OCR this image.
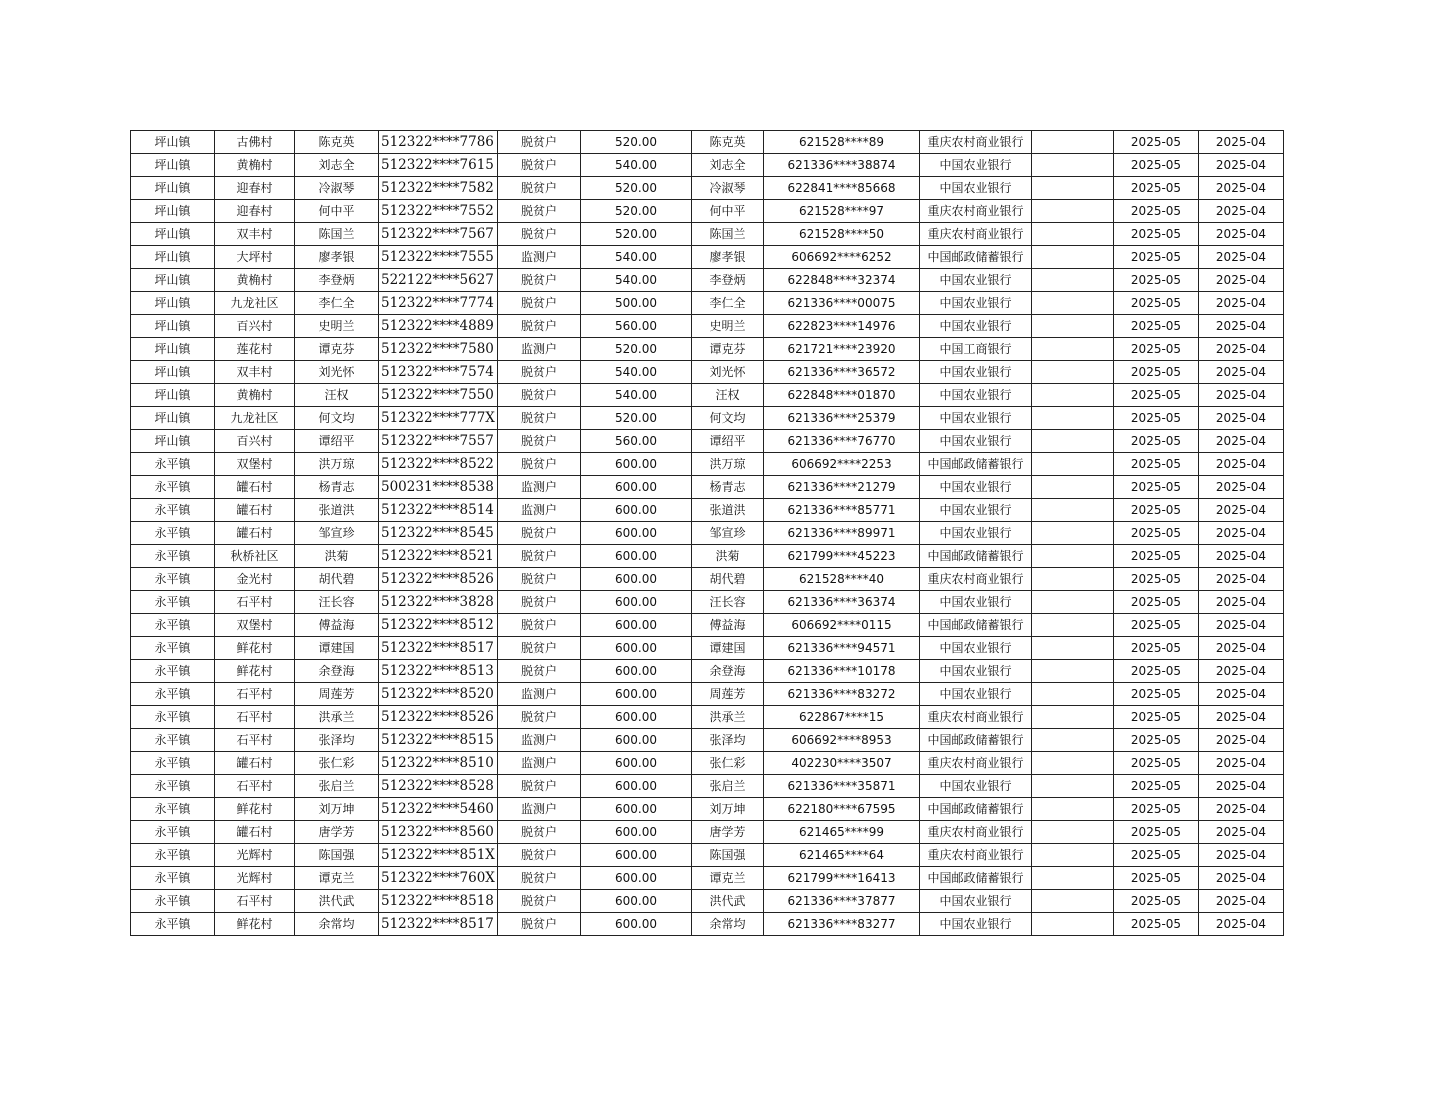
坪山镇	古佛村	陈克英	512322****7786	脱贫户	520.00	陈克英	621528****89	重庆农村商业银行		2025-05	2025-04
坪山镇	黄桷村	刘志全	512322****7615	脱贫户	540.00	刘志全	621336****38874	中国农业银行		2025-05	2025-04
坪山镇	迎春村	冷淑琴	512322****7582	脱贫户	520.00	冷淑琴	622841****85668	中国农业银行		2025-05	2025-04
坪山镇	迎春村	何中平	512322****7552	脱贫户	520.00	何中平	621528****97	重庆农村商业银行		2025-05	2025-04
坪山镇	双丰村	陈国兰	512322****7567	脱贫户	520.00	陈国兰	621528****50	重庆农村商业银行		2025-05	2025-04
坪山镇	大坪村	廖孝银	512322****7555	监测户	540.00	廖孝银	606692****6252	中国邮政储蓄银行		2025-05	2025-04
坪山镇	黄桷村	李登炳	522122****5627	脱贫户	540.00	李登炳	622848****32374	中国农业银行		2025-05	2025-04
坪山镇	九龙社区	李仁全	512322****7774	脱贫户	500.00	李仁全	621336****00075	中国农业银行		2025-05	2025-04
坪山镇	百兴村	史明兰	512322****4889	脱贫户	560.00	史明兰	622823****14976	中国农业银行		2025-05	2025-04
坪山镇	莲花村	谭克芬	512322****7580	监测户	520.00	谭克芬	621721****23920	中国工商银行		2025-05	2025-04
坪山镇	双丰村	刘光怀	512322****7574	脱贫户	540.00	刘光怀	621336****36572	中国农业银行		2025-05	2025-04
坪山镇	黄桷村	汪权	512322****7550	脱贫户	540.00	汪权	622848****01870	中国农业银行		2025-05	2025-04
坪山镇	九龙社区	何文均	512322****777X	脱贫户	520.00	何文均	621336****25379	中国农业银行		2025-05	2025-04
坪山镇	百兴村	谭绍平	512322****7557	脱贫户	560.00	谭绍平	621336****76770	中国农业银行		2025-05	2025-04
永平镇	双堡村	洪万琼	512322****8522	脱贫户	600.00	洪万琼	606692****2253	中国邮政储蓄银行		2025-05	2025-04
永平镇	罐石村	杨青志	500231****8538	监测户	600.00	杨青志	621336****21279	中国农业银行		2025-05	2025-04
永平镇	罐石村	张道洪	512322****8514	监测户	600.00	张道洪	621336****85771	中国农业银行		2025-05	2025-04
永平镇	罐石村	邹宣珍	512322****8545	脱贫户	600.00	邹宣珍	621336****89971	中国农业银行		2025-05	2025-04
永平镇	秋桥社区	洪菊	512322****8521	脱贫户	600.00	洪菊	621799****45223	中国邮政储蓄银行		2025-05	2025-04
永平镇	金光村	胡代碧	512322****8526	脱贫户	600.00	胡代碧	621528****40	重庆农村商业银行		2025-05	2025-04
永平镇	石平村	汪长容	512322****3828	脱贫户	600.00	汪长容	621336****36374	中国农业银行		2025-05	2025-04
永平镇	双堡村	傅益海	512322****8512	脱贫户	600.00	傅益海	606692****0115	中国邮政储蓄银行		2025-05	2025-04
永平镇	鲜花村	谭建国	512322****8517	脱贫户	600.00	谭建国	621336****94571	中国农业银行		2025-05	2025-04
永平镇	鲜花村	余登海	512322****8513	脱贫户	600.00	余登海	621336****10178	中国农业银行		2025-05	2025-04
永平镇	石平村	周莲芳	512322****8520	监测户	600.00	周莲芳	621336****83272	中国农业银行		2025-05	2025-04
永平镇	石平村	洪承兰	512322****8526	脱贫户	600.00	洪承兰	622867****15	重庆农村商业银行		2025-05	2025-04
永平镇	石平村	张泽均	512322****8515	监测户	600.00	张泽均	606692****8953	中国邮政储蓄银行		2025-05	2025-04
永平镇	罐石村	张仁彩	512322****8510	监测户	600.00	张仁彩	402230****3507	重庆农村商业银行		2025-05	2025-04
永平镇	石平村	张启兰	512322****8528	脱贫户	600.00	张启兰	621336****35871	中国农业银行		2025-05	2025-04
永平镇	鲜花村	刘万坤	512322****5460	监测户	600.00	刘万坤	622180****67595	中国邮政储蓄银行		2025-05	2025-04
永平镇	罐石村	唐学芳	512322****8560	脱贫户	600.00	唐学芳	621465****99	重庆农村商业银行		2025-05	2025-04
永平镇	光辉村	陈国强	512322****851X	脱贫户	600.00	陈国强	621465****64	重庆农村商业银行		2025-05	2025-04
永平镇	光辉村	谭克兰	512322****760X	脱贫户	600.00	谭克兰	621799****16413	中国邮政储蓄银行		2025-05	2025-04
永平镇	石平村	洪代武	512322****8518	脱贫户	600.00	洪代武	621336****37877	中国农业银行		2025-05	2025-04
永平镇	鲜花村	余常均	512322****8517	脱贫户	600.00	余常均	621336****83277	中国农业银行		2025-05	2025-04
